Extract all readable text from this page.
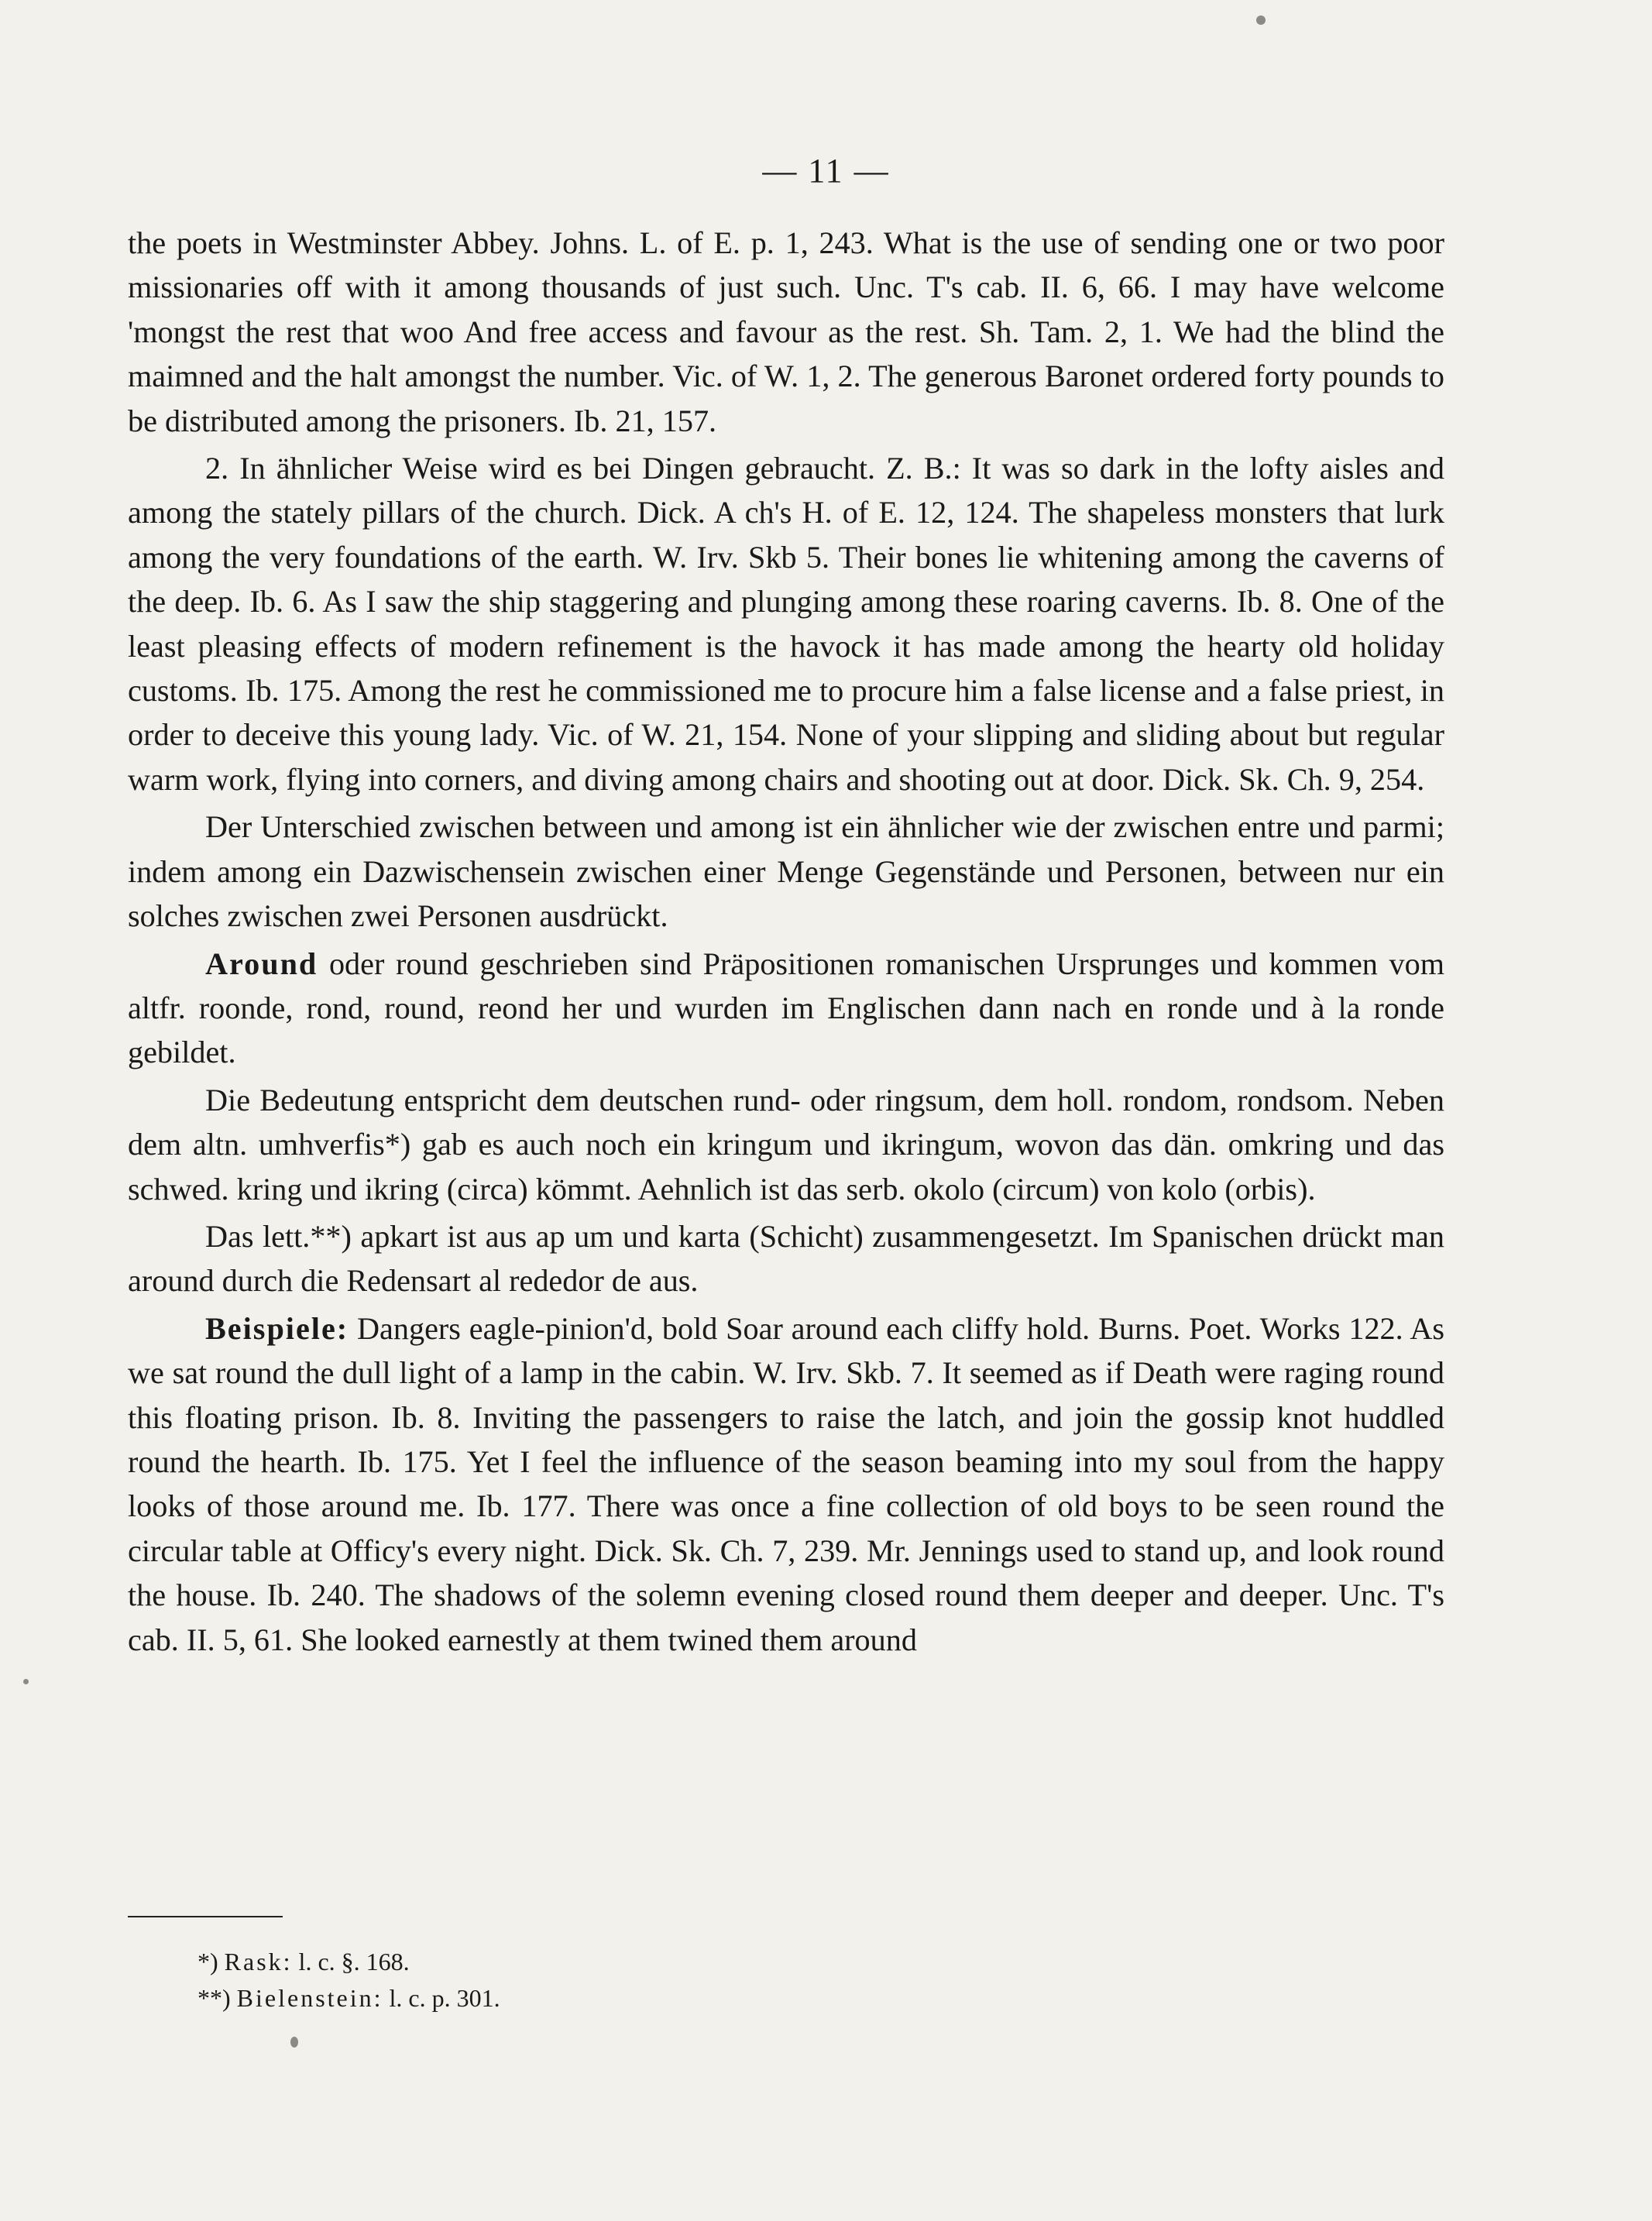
— 11 —

the poets in Westminster Abbey. Johns. L. of E. p. 1, 243. What is the use of sending one or two poor missionaries off with it among thousands of just such. Unc. T's cab. II. 6, 66. I may have welcome 'mongst the rest that woo And free access and favour as the rest. Sh. Tam. 2, 1. We had the blind the maimned and the halt amongst the number. Vic. of W. 1, 2. The generous Baronet ordered forty pounds to be distributed among the prisoners. Ib. 21, 157.

2. In ähnlicher Weise wird es bei Dingen gebraucht. Z. B.: It was so dark in the lofty aisles and among the stately pillars of the church. Dick. A ch's H. of E. 12, 124. The shapeless monsters that lurk among the very foundations of the earth. W. Irv. Skb 5. Their bones lie whitening among the caverns of the deep. Ib. 6. As I saw the ship staggering and plunging among these roaring caverns. Ib. 8. One of the least pleasing effects of modern refinement is the havock it has made among the hearty old holiday customs. Ib. 175. Among the rest he commissioned me to procure him a false license and a false priest, in order to deceive this young lady. Vic. of W. 21, 154. None of your slipping and sliding about but regular warm work, flying into corners, and diving among chairs and shooting out at door. Dick. Sk. Ch. 9, 254.

Der Unterschied zwischen between und among ist ein ähnlicher wie der zwischen entre und parmi; indem among ein Dazwischensein zwischen einer Menge Gegenstände und Personen, between nur ein solches zwischen zwei Personen ausdrückt.

Around oder round geschrieben sind Präpositionen romanischen Ursprunges und kommen vom altfr. roonde, rond, round, reond her und wurden im Englischen dann nach en ronde und à la ronde gebildet.

Die Bedeutung entspricht dem deutschen rund- oder ringsum, dem holl. rondom, rondsom. Neben dem altn. umhverfis*) gab es auch noch ein kringum und ikringum, wovon das dän. omkring und das schwed. kring und ikring (circa) kömmt. Aehnlich ist das serb. okolo (circum) von kolo (orbis).

Das lett.**) apkart ist aus ap um und karta (Schicht) zusammengesetzt. Im Spanischen drückt man around durch die Redensart al rededor de aus.

Beispiele: Dangers eagle-pinion'd, bold Soar around each cliffy hold. Burns. Poet. Works 122. As we sat round the dull light of a lamp in the cabin. W. Irv. Skb. 7. It seemed as if Death were raging round this floating prison. Ib. 8. Inviting the passengers to raise the latch, and join the gossip knot huddled round the hearth. Ib. 175. Yet I feel the influence of the season beaming into my soul from the happy looks of those around me. Ib. 177. There was once a fine collection of old boys to be seen round the circular table at Officy's every night. Dick. Sk. Ch. 7, 239. Mr. Jennings used to stand up, and look round the house. Ib. 240. The shadows of the solemn evening closed round them deeper and deeper. Unc. T's cab. II. 5, 61. She looked earnestly at them twined them around

*) Rask: l. c. §. 168.
**) Bielenstein: l. c. p. 301.
